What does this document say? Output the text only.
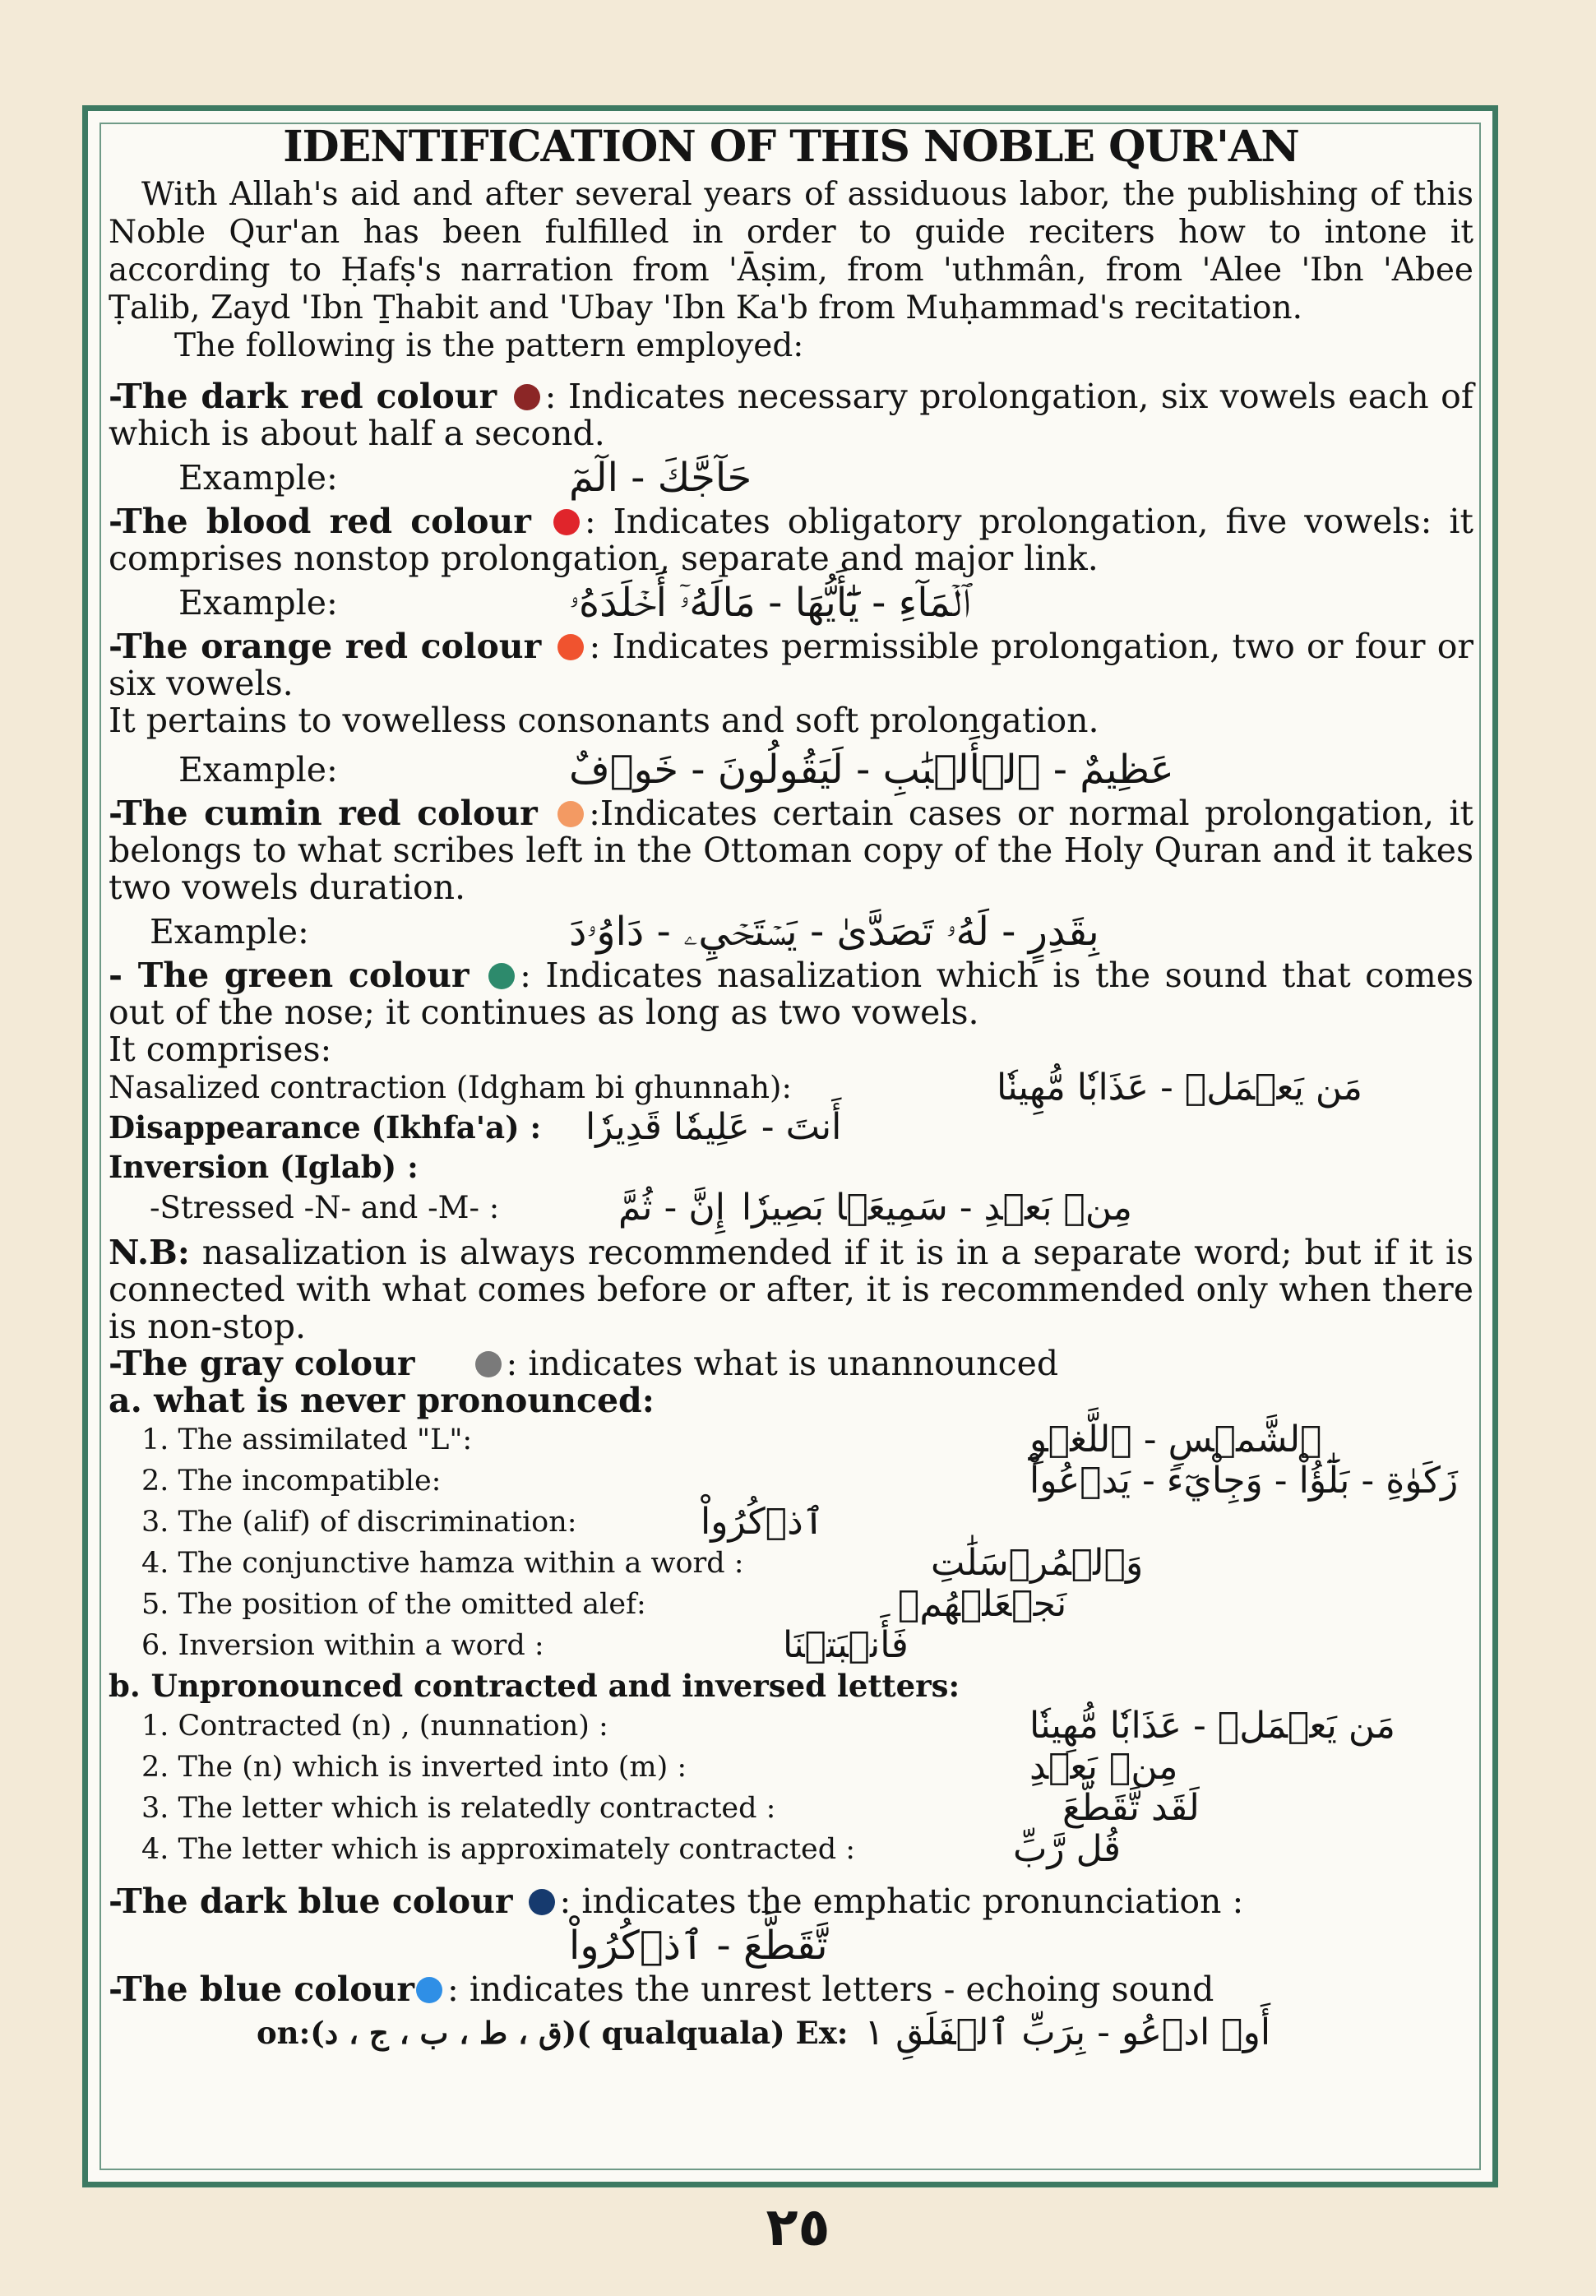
IDENTIFICATION OF THIS NOBLE QUR'AN

With Allah's aid and after several years of assiduous labor, the publishing of this Noble Qur'an has been fulfilled in order to guide reciters how to intone it according to Ḥafṣ's narration from 'Āṣim, from 'uthmân, from 'Alee 'Ibn 'Abee Ṭalib, Zayd 'Ibn Ṯhabit and 'Ubay 'Ibn Ka'b from Muḥammad's recitation.

The following is the pattern employed:

-The dark red colour : Indicates necessary prolongation, six vowels each of which is about half a second.

Example:	حَآجَّكَ - الٓمٓ

-The blood red colour : Indicates obligatory prolongation, five vowels: it comprises nonstop prolongation, separate and major link.

Example:	ٱلۡمَآءِ - يَٰٓأَيُّهَا - مَالَهُۥٓ أَخۡلَدَهُۥ

-The orange red colour : Indicates permissible prolongation, two or four or six vowels.

It pertains to vowelless consonants and soft prolongation.

Example:	عَظِيمٌ - ٱلۡأَلۡبَٰبِ - لَيَقُولُونَ - خَوۡفٌ

-The cumin red colour :Indicates certain cases or normal prolongation, it belongs to what scribes left in the Ottoman copy of the Holy Quran and it takes two vowels duration.

Example:	بِقَدِرٍ - لَهُۥ تَصَدَّىٰ - يَسۡتَحۡيِۦ - دَاوُۥدَ

- The green colour : Indicates nasalization which is the sound that comes out of the nose; it continues as long as two vowels.

It comprises:

Nasalized contraction (Idgham bi ghunnah):	مَن يَعۡمَلۡ - عَذَابٗا مُّهِينٗا
Disappearance (Ikhfa'a) :	أَنتَ - عَلِيمٗا قَدِيرٗا
Inversion (Iglab) :
-Stressed -N- and -M- :	إِنَّ - ثُمَّ مِنۢ بَعۡدِ - سَمِيعَۢا بَصِيرٗا

N.B: nasalization is always recommended if it is in a separate word; but if it is connected with what comes before or after, it is recommended only when there is non-stop.

-The gray colour	: indicates what is unannounced

a. what is never pronounced:

1. The assimilated "L":	ٱلشَّمۡسِ - ٱللَّغۡوِ
2. The incompatible:	زَكَوٰةِ - بَلَٰٓؤُاْ - وَجِاْيٓءَ - يَدۡعُواْ
3. The (alif) of discrimination:	ٱذۡكُرُواْ
4. The conjunctive hamza within a word :	وَٱلۡمُرۡسَلَٰتِ
5. The position of the omitted alef:	نَجۡعَلۡهُمۡ
6. Inversion within a word :	فَأَنۢبَتۡنَا

b. Unpronounced contracted and inversed letters:

1. Contracted (n) , (nunnation) :	مَن يَعۡمَلۡ - عَذَابٗا مُّهِينٗا
2. The (n) which is inverted into (m) :	مِنۢ بَعۡدِ
3. The letter which is relatedly contracted :	لَقَد تَّقَطَّعَ
4. The letter which is approximately contracted :	قُل رَّبِّ

-The dark blue colour : indicates the emphatic pronunciation :

تَّقَطَّعَ - ٱذۡكُرُواْ

-The blue colour : indicates the unrest letters - echoing sound

on:(ق ، ط ، ب ، ج ، د)( qualquala) Ex: أَوۡ ادۡعُو - بِرَبِّ ٱلۡفَلَقِ ١
٢٥
